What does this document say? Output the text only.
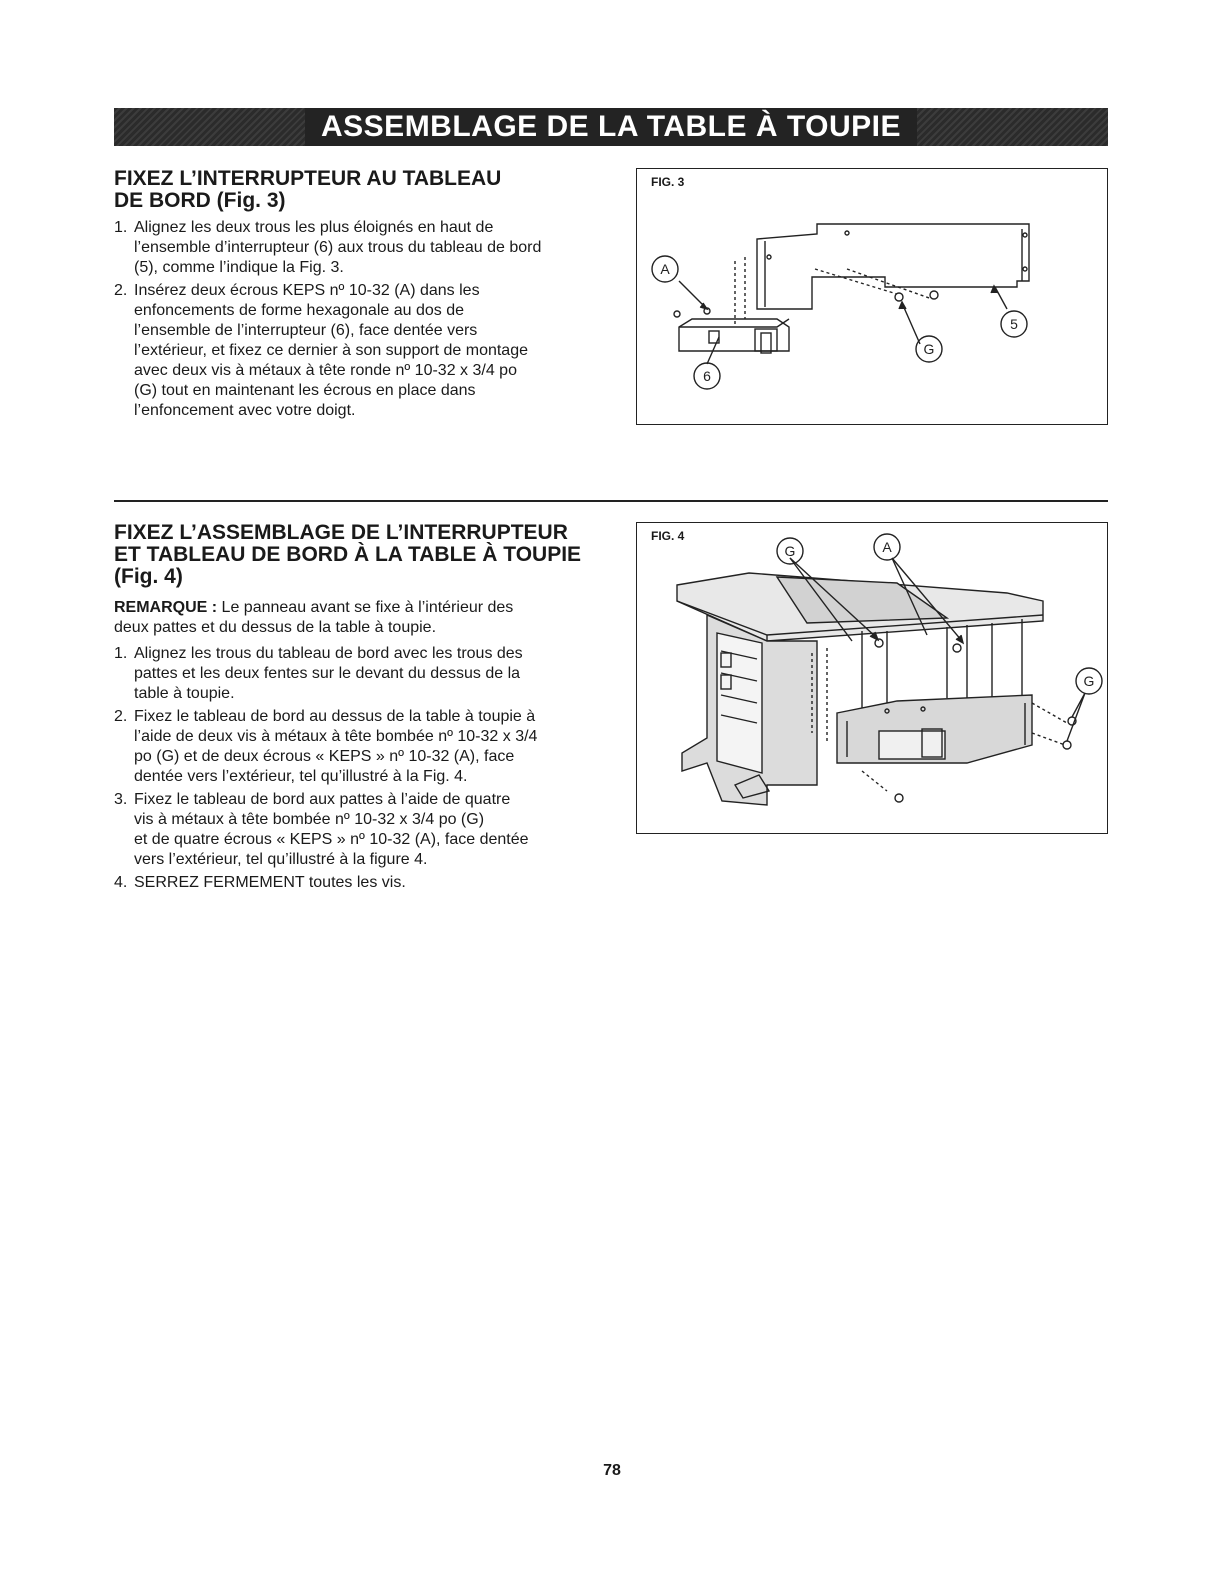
ASSEMBLAGE DE LA TABLE À TOUPIE
FIXEZ L’INTERRUPTEUR AU TABLEAU
DE BORD (Fig. 3)
1. Alignez les deux trous les plus éloignés en haut de
l’ensemble d’interrupteur (6) aux trous du tableau de bord
(5), comme l’indique la Fig. 3.
2. Insérez deux écrous KEPS nº 10-32 (A) dans les
enfoncements de forme hexagonale au dos de
l’ensemble de l’interrupteur (6), face dentée vers
l’extérieur, et fixez ce dernier à son support de montage
avec deux vis à métaux à tête ronde nº 10-32 x 3/4 po
(G) tout en maintenant les écrous en place dans
l’enfoncement avec votre doigt.
FIG. 3
A
G
5
6
FIXEZ L’ASSEMBLAGE DE L’INTERRUPTEUR
ET TABLEAU DE BORD À LA TABLE À TOUPIE
(Fig. 4)

REMARQUE : Le panneau avant se fixe à l’intérieur des
deux pattes et du dessus de la table à toupie.

1. Alignez les trous du tableau de bord avec les trous des
pattes et les deux fentes sur le devant du dessus de la
table à toupie.
2. Fixez le tableau de bord au dessus de la table à toupie à
l’aide de deux vis à métaux à tête bombée nº 10-32 x 3/4
po (G) et de deux écrous « KEPS » nº 10-32 (A), face
dentée vers l’extérieur, tel qu’illustré à la Fig. 4.
3. Fixez le tableau de bord aux pattes à l’aide de quatre
vis à métaux à tête bombée nº 10-32 x 3/4 po (G)
et de quatre écrous « KEPS » nº 10-32 (A), face dentée
vers l’extérieur, tel qu’illustré à la figure 4.
4. SERREZ FERMEMENT toutes les vis.
FIG. 4
G	A
G
78
